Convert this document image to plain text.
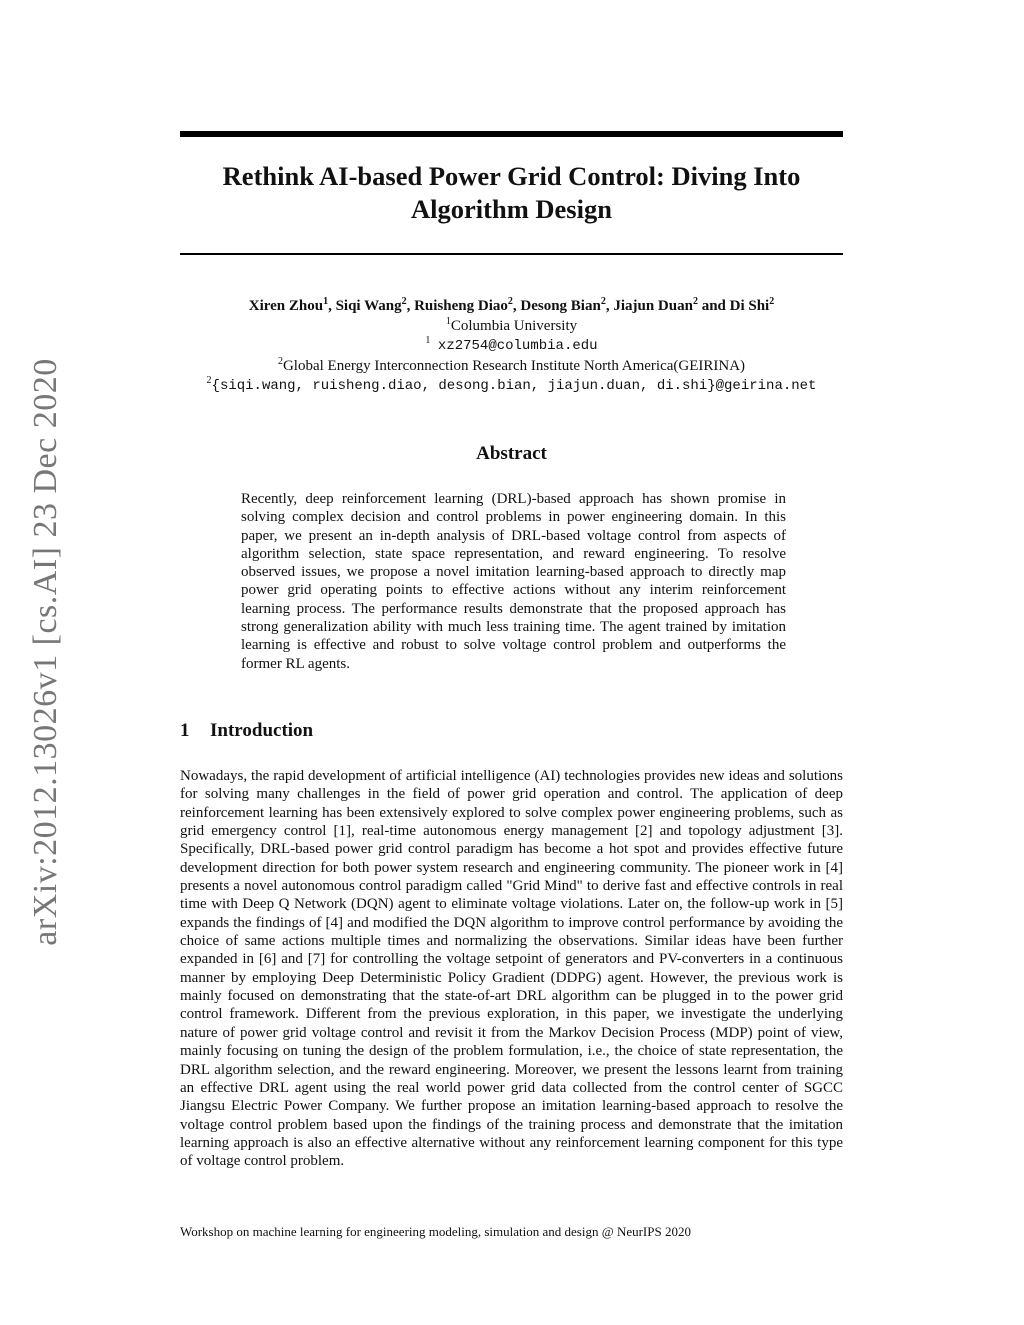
arXiv:2012.13026v1 [cs.AI] 23 Dec 2020
Rethink AI-based Power Grid Control: Diving Into
Algorithm Design
Xiren Zhou$^1$, Siqi Wang$^2$, Ruisheng Diao$^2$, Desong Bian$^2$, Jiajun Duan$^2$ and Di Shi$^2$
$^1$Columbia University
$^1$ xz2754@columbia.edu
$^2$Global Energy Interconnection Research Institute North America(GEIRINA)
$^2${siqi.wang, ruisheng.diao, desong.bian, jiajun.duan, di.shi}@geirina.net
Abstract

Recently, deep reinforcement learning (DRL)-based approach has shown promise in solving complex decision and control problems in power engineering domain. In this paper, we present an in-depth analysis of DRL-based voltage control from aspects of algorithm selection, state space representation, and reward engineering. To resolve observed issues, we propose a novel imitation learning-based approach to directly map power grid operating points to effective actions without any interim reinforcement learning process. The performance results demonstrate that the proposed approach has strong generalization ability with much less training time. The agent trained by imitation learning is effective and robust to solve voltage control problem and outperforms the former RL agents.

1 Introduction

Nowadays, the rapid development of artificial intelligence (AI) technologies provides new ideas and solutions for solving many challenges in the field of power grid operation and control. The application of deep reinforcement learning has been extensively explored to solve complex power engineering problems, such as grid emergency control [1], real-time autonomous energy management [2] and topology adjustment [3]. Specifically, DRL-based power grid control paradigm has become a hot spot and provides effective future development direction for both power system research and engineering community. The pioneer work in [4] presents a novel autonomous control paradigm called "Grid Mind" to derive fast and effective controls in real time with Deep Q Network (DQN) agent to eliminate voltage violations. Later on, the follow-up work in [5] expands the findings of [4] and modified the DQN algorithm to improve control performance by avoiding the choice of same actions multiple times and normalizing the observations. Similar ideas have been further expanded in [6] and [7] for controlling the voltage setpoint of generators and PV-converters in a continuous manner by employing Deep Deterministic Policy Gradient (DDPG) agent. However, the previous work is mainly focused on demonstrating that the state-of-art DRL algorithm can be plugged in to the power grid control framework. Different from the previous exploration, in this paper, we investigate the underlying nature of power grid voltage control and revisit it from the Markov Decision Process (MDP) point of view, mainly focusing on tuning the design of the problem formulation, i.e., the choice of state representation, the DRL algorithm selection, and the reward engineering. Moreover, we present the lessons learnt from training an effective DRL agent using the real world power grid data collected from the control center of SGCC Jiangsu Electric Power Company. We further propose an imitation learning-based approach to resolve the voltage control problem based upon the findings of the training process and demonstrate that the imitation learning approach is also an effective alternative without any reinforcement learning component for this type of voltage control problem.

Workshop on machine learning for engineering modeling, simulation and design @ NeurIPS 2020
